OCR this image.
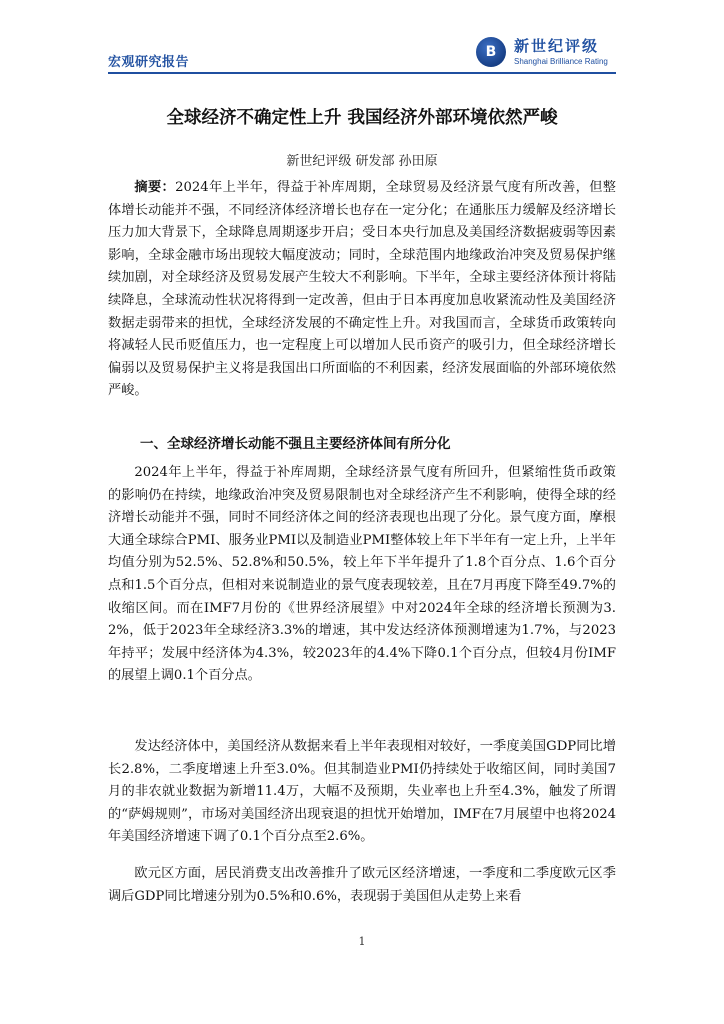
宏观研究报告
B	新世纪评级
Shanghai Brilliance Rating
全球经济不确定性上升 我国经济外部环境依然严峻
新世纪评级 研发部 孙田原
摘要：2024年上半年，得益于补库周期，全球贸易及经济景气度有所改善，但整体增长动能并不强，不同经济体经济增长也存在一定分化；在通胀压力缓解及经济增长压力加大背景下，全球降息周期逐步开启；受日本央行加息及美国经济数据疲弱等因素影响，全球金融市场出现较大幅度波动；同时，全球范围内地缘政治冲突及贸易保护继续加剧，对全球经济及贸易发展产生较大不利影响。下半年，全球主要经济体预计将陆续降息，全球流动性状况将得到一定改善，但由于日本再度加息收紧流动性及美国经济数据走弱带来的担忧，全球经济发展的不确定性上升。对我国而言，全球货币政策转向将减轻人民币贬值压力，也一定程度上可以增加人民币资产的吸引力，但全球经济增长偏弱以及贸易保护主义将是我国出口所面临的不利因素，经济发展面临的外部环境依然严峻。
一、全球经济增长动能不强且主要经济体间有所分化
2024年上半年，得益于补库周期，全球经济景气度有所回升，但紧缩性货币政策的影响仍在持续，地缘政治冲突及贸易限制也对全球经济产生不利影响，使得全球的经济增长动能并不强，同时不同经济体之间的经济表现也出现了分化。景气度方面，摩根大通全球综合PMI、服务业PMI以及制造业PMI整体较上年下半年有一定上升，上半年均值分别为52.5%、52.8%和50.5%，较上年下半年提升了1.8个百分点、1.6个百分点和1.5个百分点，但相对来说制造业的景气度表现较差，且在7月再度下降至49.7%的收缩区间。而在IMF7月份的《世界经济展望》中对2024年全球的经济增长预测为3.2%，低于2023年全球经济3.3%的增速，其中发达经济体预测增速为1.7%，与2023年持平；发展中经济体为4.3%，较2023年的4.4%下降0.1个百分点，但较4月份IMF的展望上调0.1个百分点。
发达经济体中，美国经济从数据来看上半年表现相对较好，一季度美国GDP同比增长2.8%，二季度增速上升至3.0%。但其制造业PMI仍持续处于收缩区间，同时美国7月的非农就业数据为新增11.4万，大幅不及预期，失业率也上升至4.3%，触发了所谓的“萨姆规则”，市场对美国经济出现衰退的担忧开始增加，IMF在7月展望中也将2024年美国经济增速下调了0.1个百分点至2.6%。
欧元区方面，居民消费支出改善推升了欧元区经济增速，一季度和二季度欧元区季调后GDP同比增速分别为0.5%和0.6%，表现弱于美国但从走势上来看
1
